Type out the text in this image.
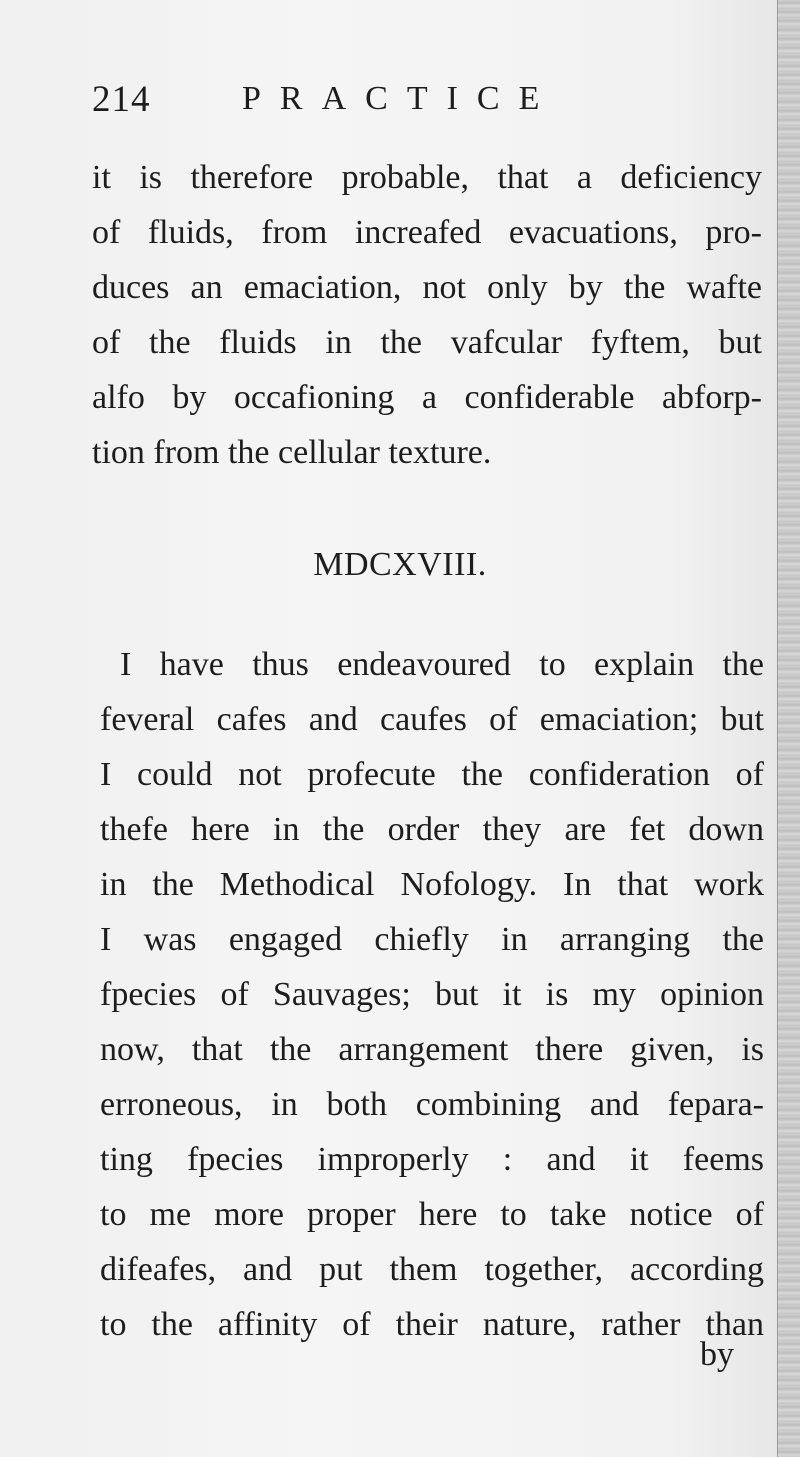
214	PRACTICE
it is therefore probable, that a deficiency
of fluids, from increafed evacuations, pro-
duces an emaciation, not only by the wafte
of the fluids in the vafcular fyftem, but
alfo by occafioning a confiderable abforp-
tion from the cellular texture.
MDCXVIII.
I have thus endeavoured to explain the
feveral cafes and caufes of emaciation; but
I could not profecute the confideration of
thefe here in the order they are fet down
in the Methodical Nofology. In that work
I was engaged chiefly in arranging the
fpecies of Sauvages; but it is my opinion
now, that the arrangement there given, is
erroneous, in both combining and fepara-
ting fpecies improperly : and it feems
to me more proper here to take notice of
difeafes, and put them together, according
to the affinity of their nature, rather than
by
